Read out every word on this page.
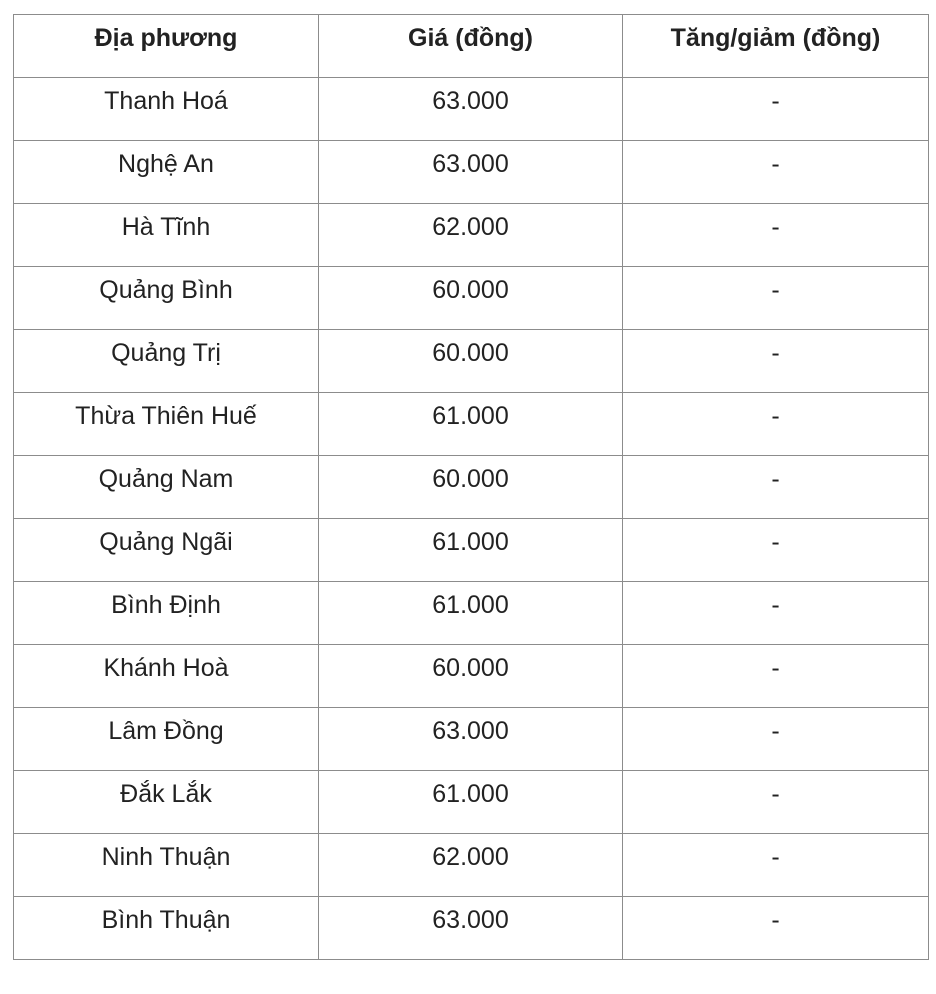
Địa phương	Giá (đồng)	Tăng/giảm (đồng)

Thanh Hoá	63.000	-

Nghệ An	63.000	-

Hà Tĩnh	62.000	-

Quảng Bình	60.000	-

Quảng Trị	60.000	-

Thừa Thiên Huế	61.000	-

Quảng Nam	60.000	-

Quảng Ngãi	61.000	-

Bình Định	61.000	-

Khánh Hoà	60.000	-

Lâm Đồng	63.000	-

Đắk Lắk	61.000	-

Ninh Thuận	62.000	-

Bình Thuận	63.000	-
